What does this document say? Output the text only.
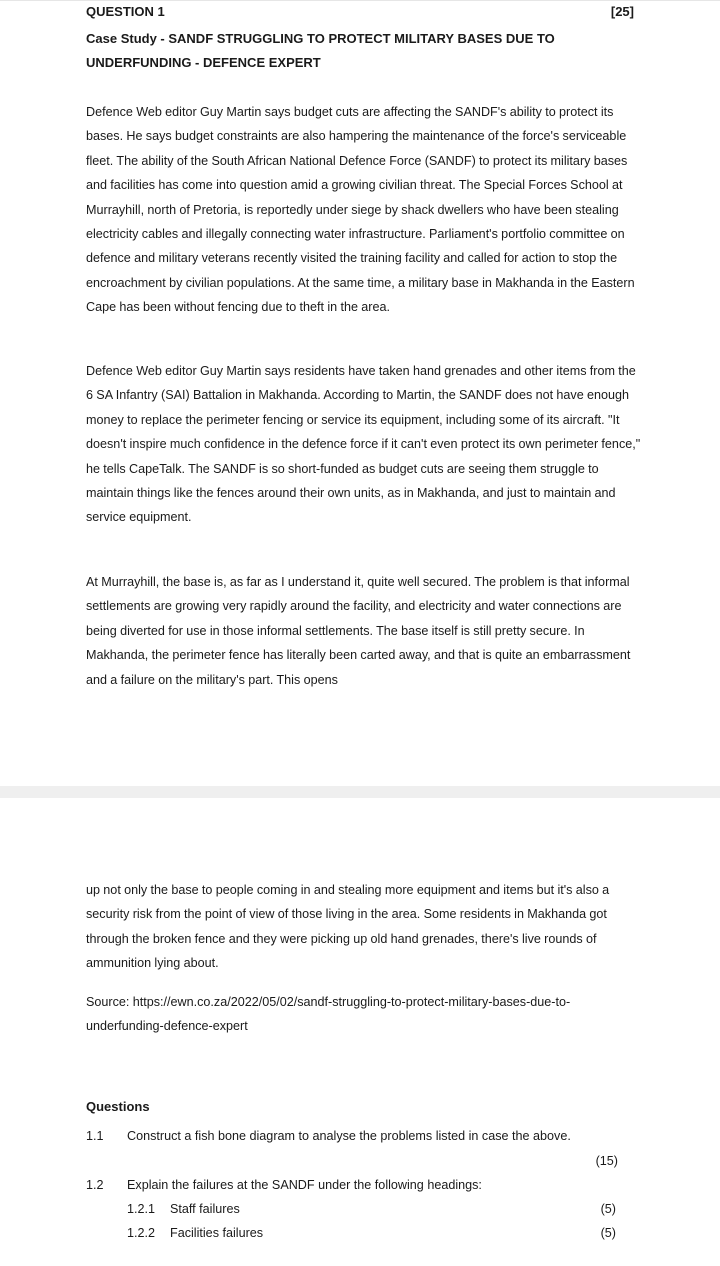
QUESTION 1	[25]

Case Study - SANDF STRUGGLING TO PROTECT MILITARY BASES DUE TO UNDERFUNDING - DEFENCE EXPERT

Defence Web editor Guy Martin says budget cuts are affecting the SANDF's ability to protect its bases. He says budget constraints are also hampering the maintenance of the force's serviceable fleet. The ability of the South African National Defence Force (SANDF) to protect its military bases and facilities has come into question amid a growing civilian threat. The Special Forces School at Murrayhill, north of Pretoria, is reportedly under siege by shack dwellers who have been stealing electricity cables and illegally connecting water infrastructure. Parliament's portfolio committee on defence and military veterans recently visited the training facility and called for action to stop the encroachment by civilian populations. At the same time, a military base in Makhanda in the Eastern Cape has been without fencing due to theft in the area.

Defence Web editor Guy Martin says residents have taken hand grenades and other items from the 6 SA Infantry (SAI) Battalion in Makhanda. According to Martin, the SANDF does not have enough money to replace the perimeter fencing or service its equipment, including some of its aircraft. "It doesn't inspire much confidence in the defence force if it can't even protect its own perimeter fence," he tells CapeTalk. The SANDF is so short-funded as budget cuts are seeing them struggle to maintain things like the fences around their own units, as in Makhanda, and just to maintain and service equipment.

At Murrayhill, the base is, as far as I understand it, quite well secured. The problem is that informal settlements are growing very rapidly around the facility, and electricity and water connections are being diverted for use in those informal settlements. The base itself is still pretty secure. In Makhanda, the perimeter fence has literally been carted away, and that is quite an embarrassment and a failure on the military's part. This opens

up not only the base to people coming in and stealing more equipment and items but it's also a security risk from the point of view of those living in the area. Some residents in Makhanda got through the broken fence and they were picking up old hand grenades, there's live rounds of ammunition lying about.

Source: https://ewn.co.za/2022/05/02/sandf-struggling-to-protect-military-bases-due-to-underfunding-defence-expert

Questions
1.1 Construct a fish bone diagram to analyse the problems listed in case the above.
(15)
1.2 Explain the failures at the SANDF under the following headings:
1.2.1 Staff failures	(5)
1.2.2 Facilities failures	(5)
